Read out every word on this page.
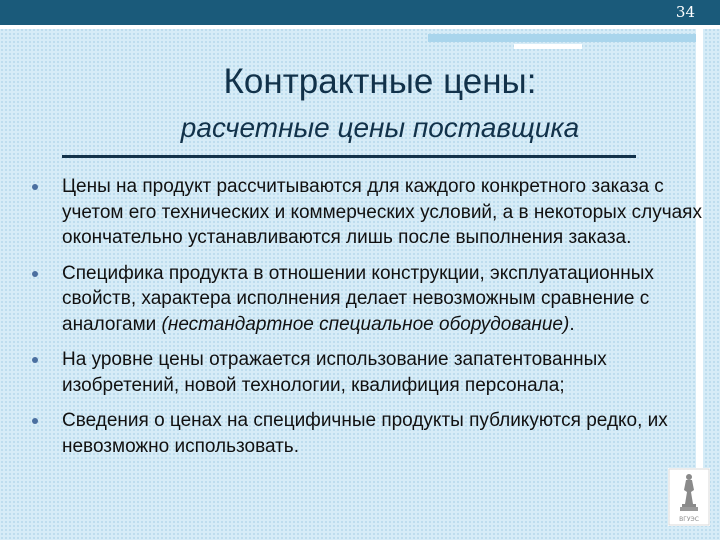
34
Контрактные цены:
расчетные цены поставщика
Цены на продукт рассчитываются для каждого конкретного заказа с учетом его технических и коммерческих условий, а в некоторых случаях окончательно устанавливаются лишь после выполнения заказа.
Специфика продукта в отношении конструкции, эксплуатационных свойств, характера исполнения делает невозможным сравнение с аналогами (нестандартное специальное оборудование).
На уровне цены отражается использование запатентованных изобретений, новой технологии, квалифиция персонала;
Сведения о ценах на специфичные продукты публикуются редко, их невозможно использовать.
ВГУЭС
